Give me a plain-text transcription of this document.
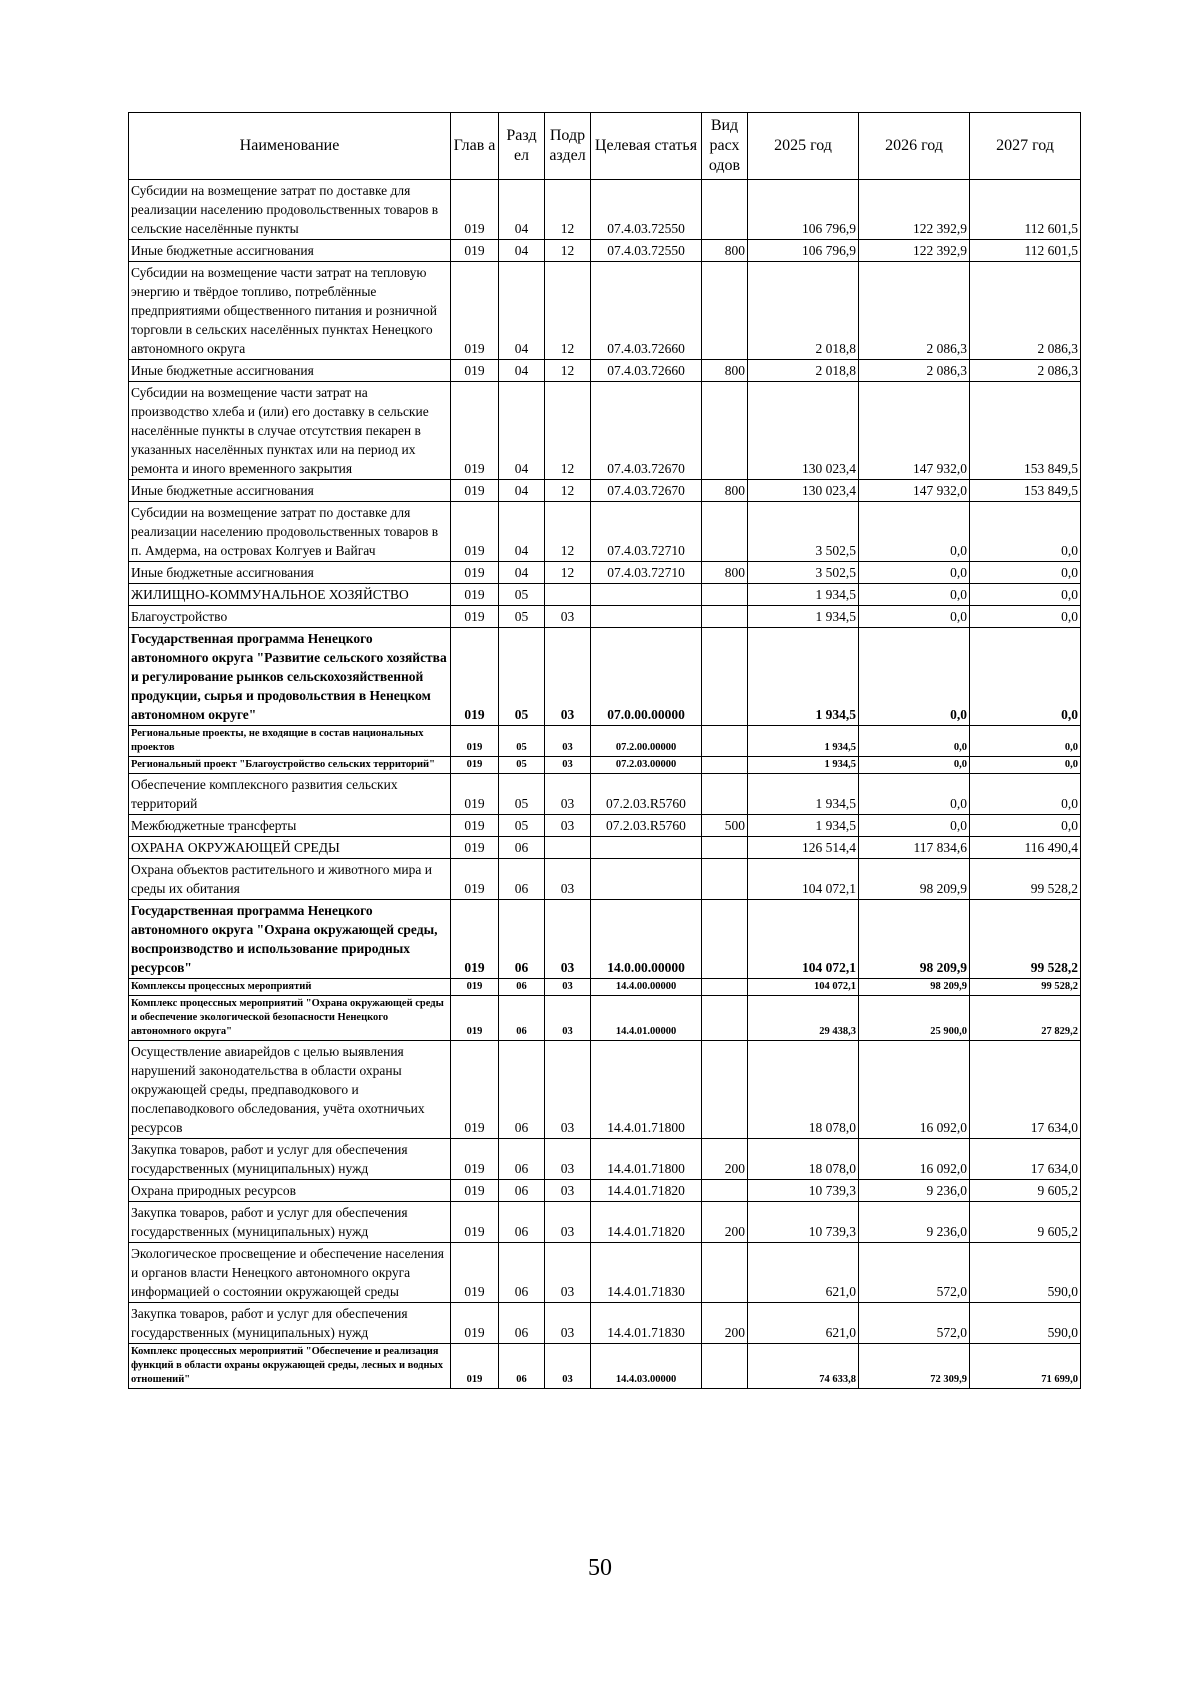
Наименование	Глав а	Разд ел	Подр аздел	Целевая статья	Вид расх одов	2025 год	2026 год	2027 год
Субсидии на возмещение затрат по доставке для реализации населению продовольственных товаров в сельские населённые пункты	019	04	12	07.4.03.72550		106 796,9	122 392,9	112 601,5
Иные бюджетные ассигнования	019	04	12	07.4.03.72550	800	106 796,9	122 392,9	112 601,5
Субсидии на возмещение части затрат на тепловую энергию и твёрдое топливо, потреблённые предприятиями общественного питания и розничной торговли в сельских населённых пунктах Ненецкого автономного округа	019	04	12	07.4.03.72660		2 018,8	2 086,3	2 086,3
Иные бюджетные ассигнования	019	04	12	07.4.03.72660	800	2 018,8	2 086,3	2 086,3
Субсидии на возмещение части затрат на производство хлеба и (или) его доставку в сельские населённые пункты в случае отсутствия пекарен в указанных населённых пунктах или на период их ремонта и иного временного закрытия	019	04	12	07.4.03.72670		130 023,4	147 932,0	153 849,5
Иные бюджетные ассигнования	019	04	12	07.4.03.72670	800	130 023,4	147 932,0	153 849,5
Субсидии на возмещение затрат по доставке для реализации населению продовольственных товаров в п. Амдерма, на островах Колгуев и Вайгач	019	04	12	07.4.03.72710		3 502,5	0,0	0,0
Иные бюджетные ассигнования	019	04	12	07.4.03.72710	800	3 502,5	0,0	0,0
ЖИЛИЩНО-КОММУНАЛЬНОЕ ХОЗЯЙСТВО	019	05				1 934,5	0,0	0,0
Благоустройство	019	05	03			1 934,5	0,0	0,0
Государственная программа Ненецкого автономного округа "Развитие сельского хозяйства и регулирование рынков сельскохозяйственной продукции, сырья и продовольствия в Ненецком автономном округе"	019	05	03	07.0.00.00000		1 934,5	0,0	0,0
Региональные проекты, не входящие в состав национальных проектов	019	05	03	07.2.00.00000		1 934,5	0,0	0,0
Региональный проект "Благоустройство сельских территорий"	019	05	03	07.2.03.00000		1 934,5	0,0	0,0
Обеспечение комплексного развития сельских территорий	019	05	03	07.2.03.R5760		1 934,5	0,0	0,0
Межбюджетные трансферты	019	05	03	07.2.03.R5760	500	1 934,5	0,0	0,0
ОХРАНА ОКРУЖАЮЩЕЙ СРЕДЫ	019	06				126 514,4	117 834,6	116 490,4
Охрана объектов растительного и животного мира и среды их обитания	019	06	03			104 072,1	98 209,9	99 528,2
Государственная программа Ненецкого автономного округа "Охрана окружающей среды, воспроизводство и использование природных ресурсов"	019	06	03	14.0.00.00000		104 072,1	98 209,9	99 528,2
Комплексы процессных мероприятий	019	06	03	14.4.00.00000		104 072,1	98 209,9	99 528,2
Комплекс процессных мероприятий "Охрана окружающей среды и обеспечение экологической безопасности Ненецкого автономного округа"	019	06	03	14.4.01.00000		29 438,3	25 900,0	27 829,2
Осуществление авиарейдов с целью выявления нарушений законодательства в области охраны окружающей среды, предпаводкового и послепаводкового обследования, учёта охотничьих ресурсов	019	06	03	14.4.01.71800		18 078,0	16 092,0	17 634,0
Закупка товаров, работ и услуг для обеспечения государственных (муниципальных) нужд	019	06	03	14.4.01.71800	200	18 078,0	16 092,0	17 634,0
Охрана природных ресурсов	019	06	03	14.4.01.71820		10 739,3	9 236,0	9 605,2
Закупка товаров, работ и услуг для обеспечения государственных (муниципальных) нужд	019	06	03	14.4.01.71820	200	10 739,3	9 236,0	9 605,2
Экологическое просвещение и обеспечение населения и органов власти Ненецкого автономного округа информацией о состоянии окружающей среды	019	06	03	14.4.01.71830		621,0	572,0	590,0
Закупка товаров, работ и услуг для обеспечения государственных (муниципальных) нужд	019	06	03	14.4.01.71830	200	621,0	572,0	590,0
Комплекс процессных мероприятий "Обеспечение и реализация функций в области охраны окружающей среды, лесных и водных отношений"	019	06	03	14.4.03.00000		74 633,8	72 309,9	71 699,0
50
